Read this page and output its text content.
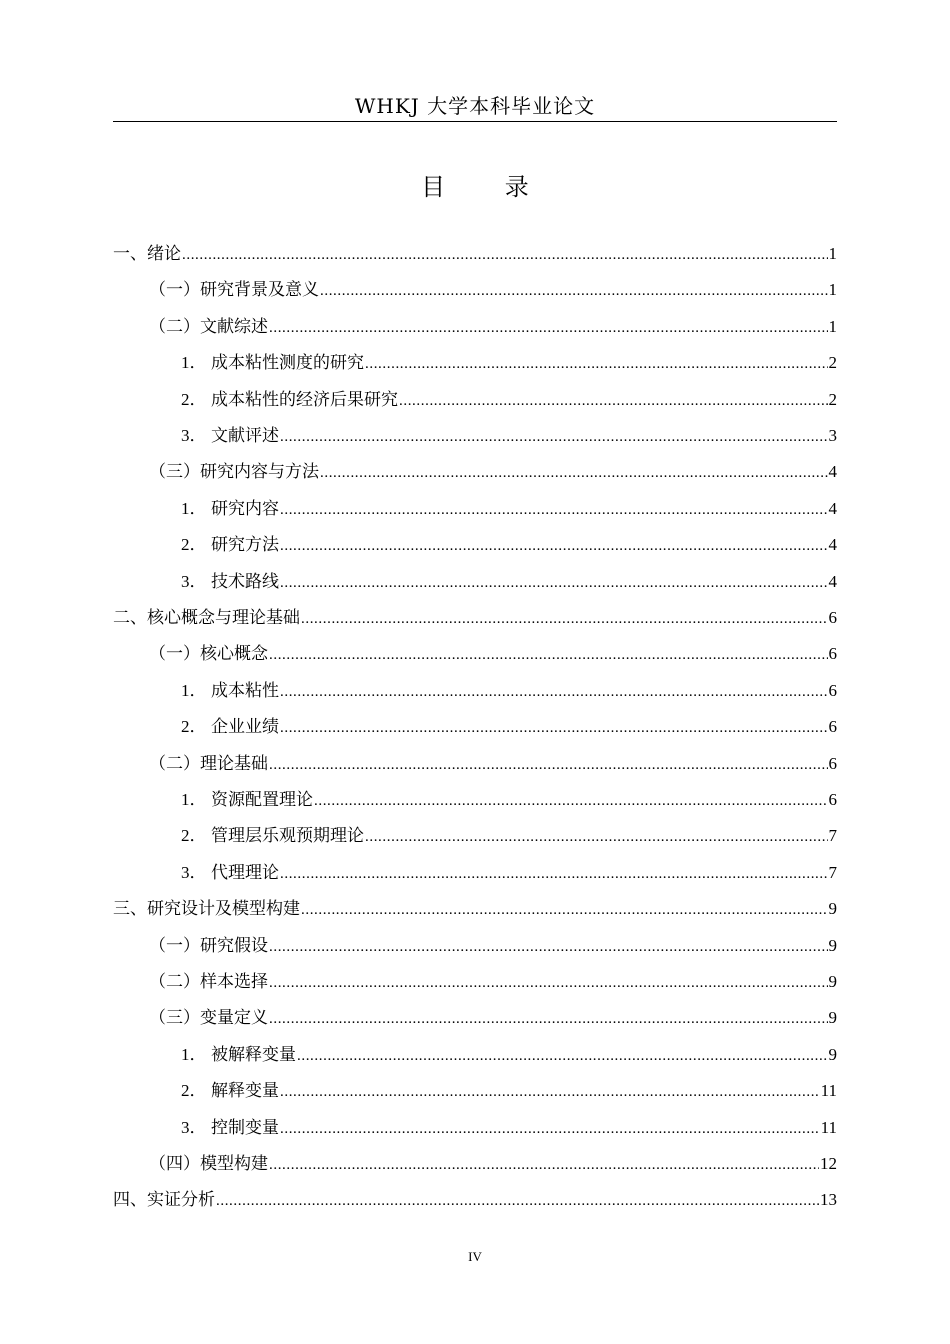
WHKJ 大学本科毕业论文
目 录
一、绪论 .....	1
（一）研究背景及意义 .....	1
（二）文献综述 .....	1
1． 成本粘性测度的研究 .....	2
2． 成本粘性的经济后果研究 .....	2
3． 文献评述 .....	3
（三）研究内容与方法 .....	4
1． 研究内容 .....	4
2． 研究方法 .....	4
3． 技术路线 .....	4
二、核心概念与理论基础 .....	6
（一）核心概念 .....	6
1． 成本粘性 .....	6
2． 企业业绩 .....	6
（二）理论基础 .....	6
1． 资源配置理论 .....	6
2． 管理层乐观预期理论 .....	7
3． 代理理论 .....	7
三、研究设计及模型构建 .....	9
（一）研究假设 .....	9
（二）样本选择 .....	9
（三）变量定义 .....	9
1． 被解释变量 .....	9
2． 解释变量 .....	11
3． 控制变量 .....	11
（四）模型构建 .....	12
四、实证分析 .....	13
IV
